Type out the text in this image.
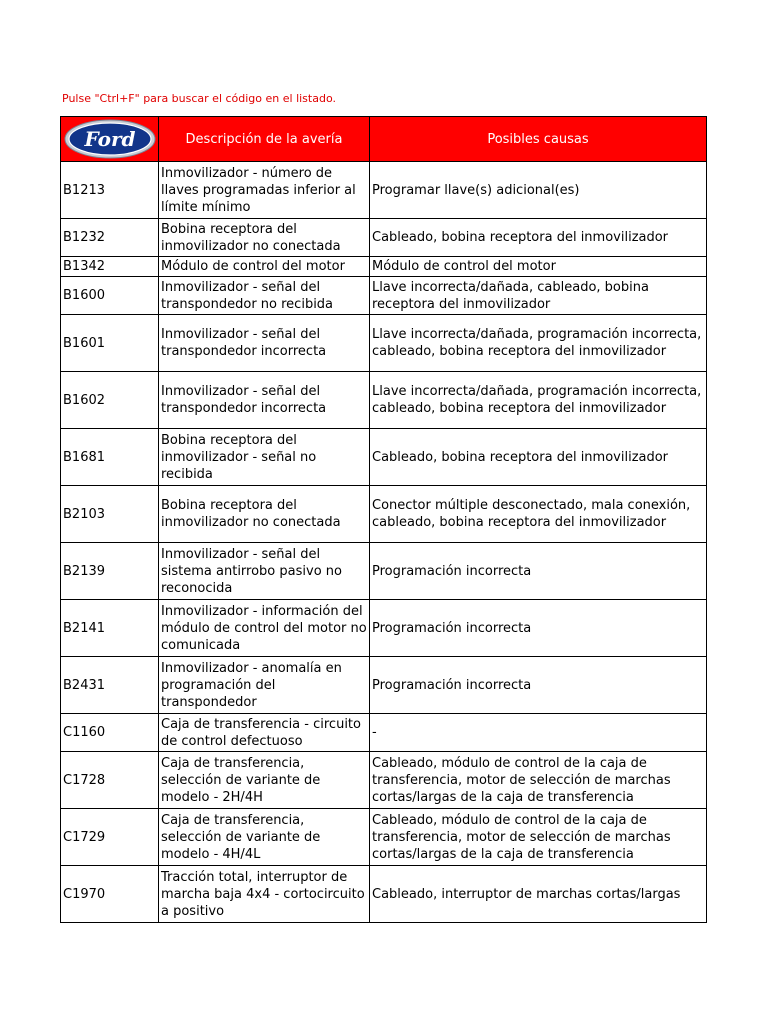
Pulse "Ctrl+F" para buscar el código en el listado.
Ford	Descripción de la avería	Posibles causas
B1213	Inmovilizador - número de llaves programadas inferior al límite mínimo	Programar llave(s) adicional(es)
B1232	Bobina receptora del inmovilizador no conectada	Cableado, bobina receptora del inmovilizador
B1342	Módulo de control del motor	Módulo de control del motor
B1600	Inmovilizador - señal del transpondedor no recibida	Llave incorrecta/dañada, cableado, bobina receptora del inmovilizador
B1601	Inmovilizador - señal del transpondedor incorrecta	Llave incorrecta/dañada, programación incorrecta, cableado, bobina receptora del inmovilizador
B1602	Inmovilizador - señal del transpondedor incorrecta	Llave incorrecta/dañada, programación incorrecta, cableado, bobina receptora del inmovilizador
B1681	Bobina receptora del inmovilizador - señal no recibida	Cableado, bobina receptora del inmovilizador
B2103	Bobina receptora del inmovilizador no conectada	Conector múltiple desconectado, mala conexión, cableado, bobina receptora del inmovilizador
B2139	Inmovilizador - señal del sistema antirrobo pasivo no reconocida	Programación incorrecta
B2141	Inmovilizador - información del módulo de control del motor no comunicada	Programación incorrecta
B2431	Inmovilizador - anomalía en programación del transpondedor	Programación incorrecta
C1160	Caja de transferencia - circuito de control defectuoso	-
C1728	Caja de transferencia, selección de variante de modelo - 2H/4H	Cableado, módulo de control de la caja de transferencia, motor de selección de marchas cortas/largas de la caja de transferencia
C1729	Caja de transferencia, selección de variante de modelo - 4H/4L	Cableado, módulo de control de la caja de transferencia, motor de selección de marchas cortas/largas de la caja de transferencia
C1970	Tracción total, interruptor de marcha baja 4x4 - cortocircuito a positivo	Cableado, interruptor de marchas cortas/largas
